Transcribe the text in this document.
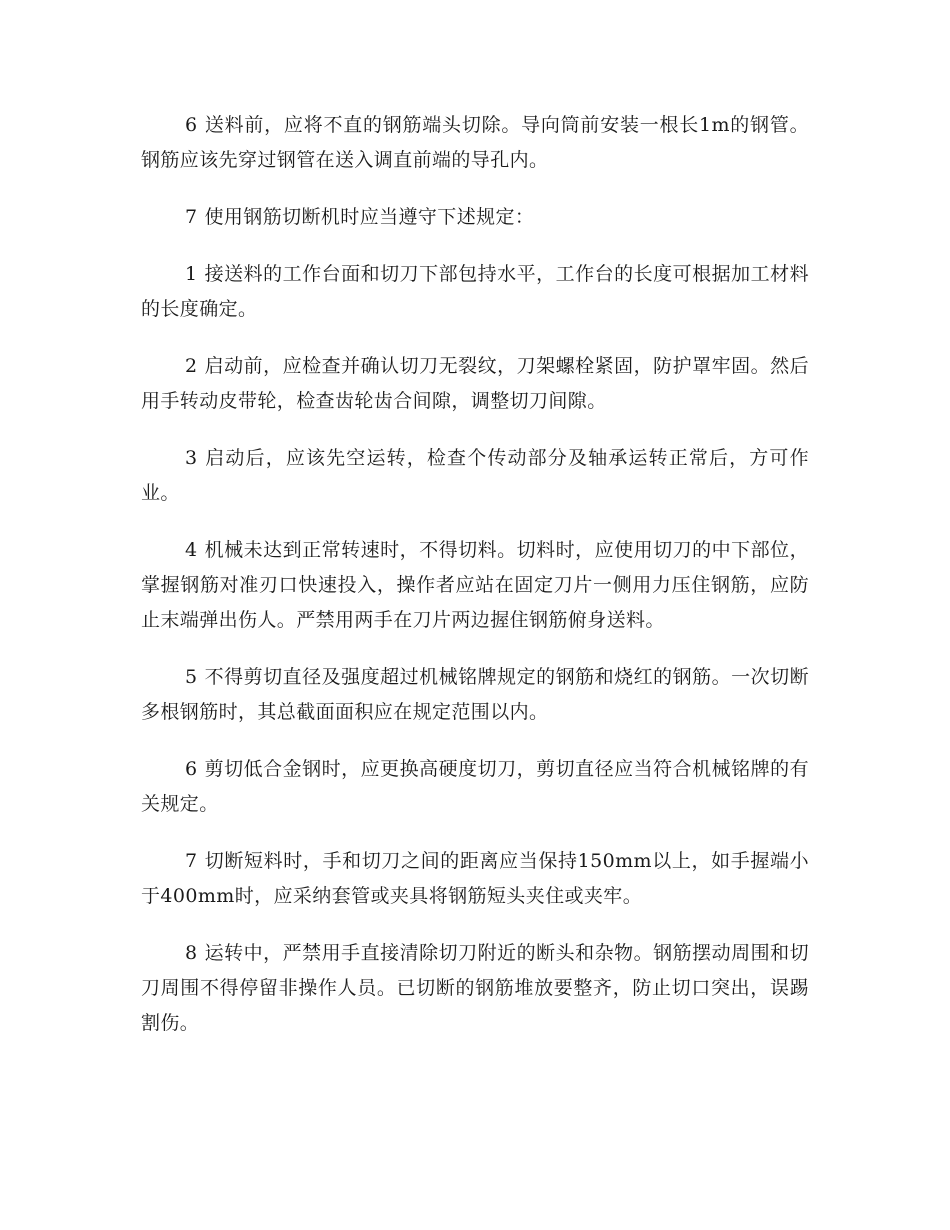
6 送料前，应将不直的钢筋端头切除。导向筒前安装一根长1m的钢管。钢筋应该先穿过钢管在送入调直前端的导孔内。

7 使用钢筋切断机时应当遵守下述规定：

1 接送料的工作台面和切刀下部包持水平，工作台的长度可根据加工材料的长度确定。

2 启动前，应检查并确认切刀无裂纹，刀架螺栓紧固，防护罩牢固。然后用手转动皮带轮，检查齿轮齿合间隙，调整切刀间隙。

3 启动后，应该先空运转，检查个传动部分及轴承运转正常后，方可作业。

4 机械未达到正常转速时，不得切料。切料时，应使用切刀的中下部位，掌握钢筋对准刃口快速投入，操作者应站在固定刀片一侧用力压住钢筋，应防止末端弹出伤人。严禁用两手在刀片两边握住钢筋俯身送料。

5 不得剪切直径及强度超过机械铭牌规定的钢筋和烧红的钢筋。一次切断多根钢筋时，其总截面面积应在规定范围以内。

6 剪切低合金钢时，应更换高硬度切刀，剪切直径应当符合机械铭牌的有关规定。

7 切断短料时，手和切刀之间的距离应当保持150mm以上，如手握端小于400mm时，应采纳套管或夹具将钢筋短头夹住或夹牢。

8 运转中，严禁用手直接清除切刀附近的断头和杂物。钢筋摆动周围和切刀周围不得停留非操作人员。已切断的钢筋堆放要整齐，防止切口突出，误踢割伤。
